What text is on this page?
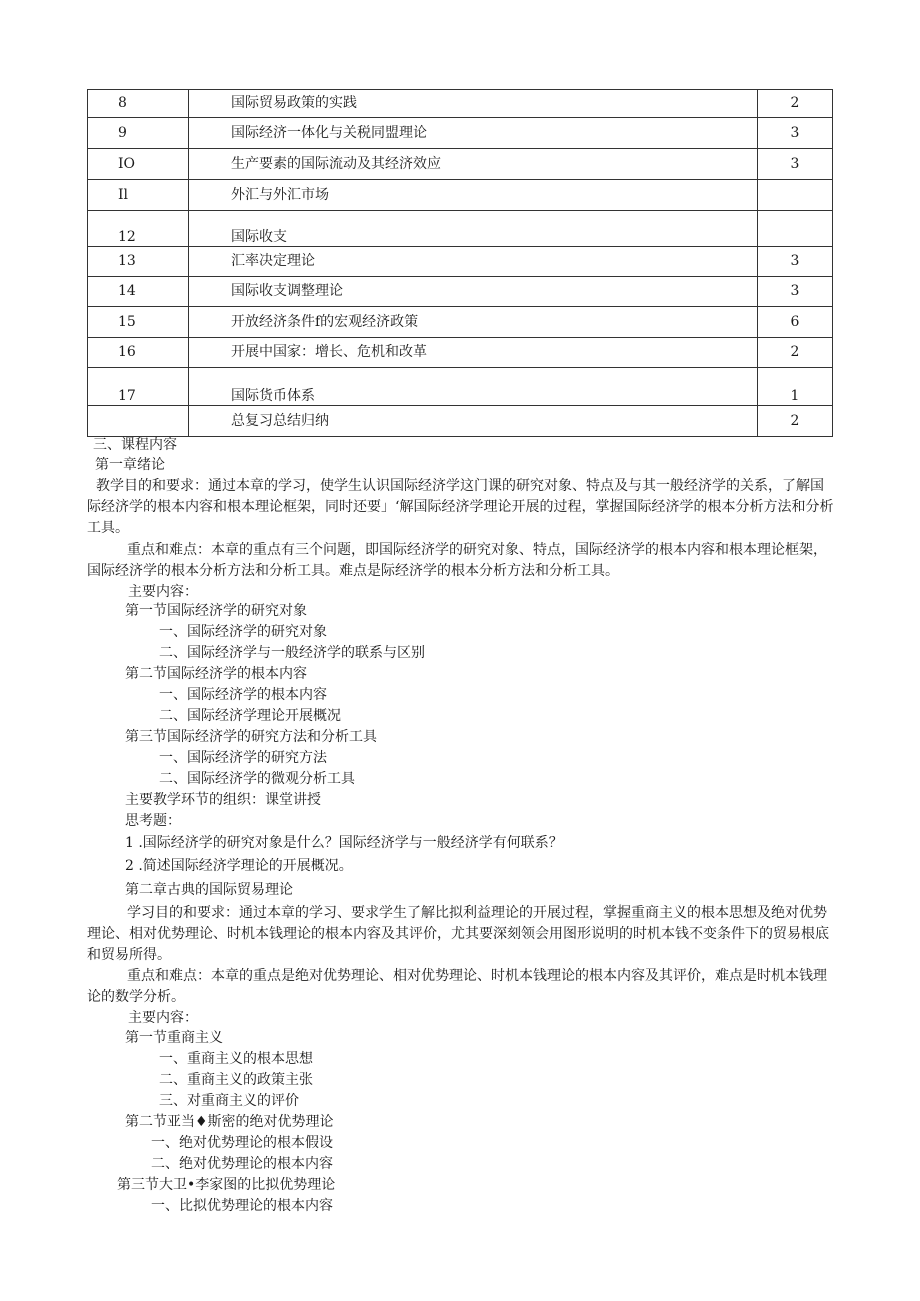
8	国际贸易政策的实践	2
9	国际经济一体化与关税同盟理论	3
IO	生产要素的国际流动及其经济效应	3
Il	外汇与外汇市场	
12	国际收支	
13	汇率决定理论	3
14	国际收支调整理论	3
15	开放经济条件f的宏观经济政策	6
16	开展中国家：增长、危机和改革	2
17	国际货币体系	1
	总复习总结归纳	2
三、课程内容
第一章绪论
教学目的和要求：通过本章的学习，使学生认识国际经济学这门课的研究对象、特点及与其一般经济学的关系，了解国际经济学的根本内容和根本理论框架，同时还要」‘解国际经济学理论开展的过程，掌握国际经济学的根本分析方法和分析工具。
重点和难点：本章的重点有三个问题，即国际经济学的研究对象、特点，国际经济学的根本内容和根本理论框架，国际经济学的根本分析方法和分析工具。难点是际经济学的根本分析方法和分析工具。
主要内容：
第一节国际经济学的研究对象
一、国际经济学的研究对象
二、国际经济学与一般经济学的联系与区别
第二节国际经济学的根本内容
一、国际经济学的根本内容
二、国际经济学理论开展概况
第三节国际经济学的研究方法和分析工具
一、国际经济学的研究方法
二、国际经济学的微观分析工具
主要教学环节的组织：课堂讲授
思考题：
1 .国际经济学的研究对象是什么？国际经济学与一般经济学有何联系？
2 .简述国际经济学理论的开展概况。
第二章古典的国际贸易理论
学习目的和要求：通过本章的学习、要求学生了解比拟利益理论的开展过程，掌握重商主义的根本思想及绝对优势理论、相对优势理论、时机本钱理论的根本内容及其评价，尤其要深刻领会用图形说明的时机本钱不变条件下的贸易根底和贸易所得。
重点和难点：本章的重点是绝对优势理论、相对优势理论、时机本钱理论的根本内容及其评价，难点是时机本钱理论的数学分析。
主要内容：
第一节重商主义
一、重商主义的根本思想
二、重商主义的政策主张
三、对重商主义的评价
第二节亚当♦斯密的绝对优势理论
一、绝对优势理论的根本假设
二、绝对优势理论的根本内容
第三节大卫•李家图的比拟优势理论
一、比拟优势理论的根本内容
